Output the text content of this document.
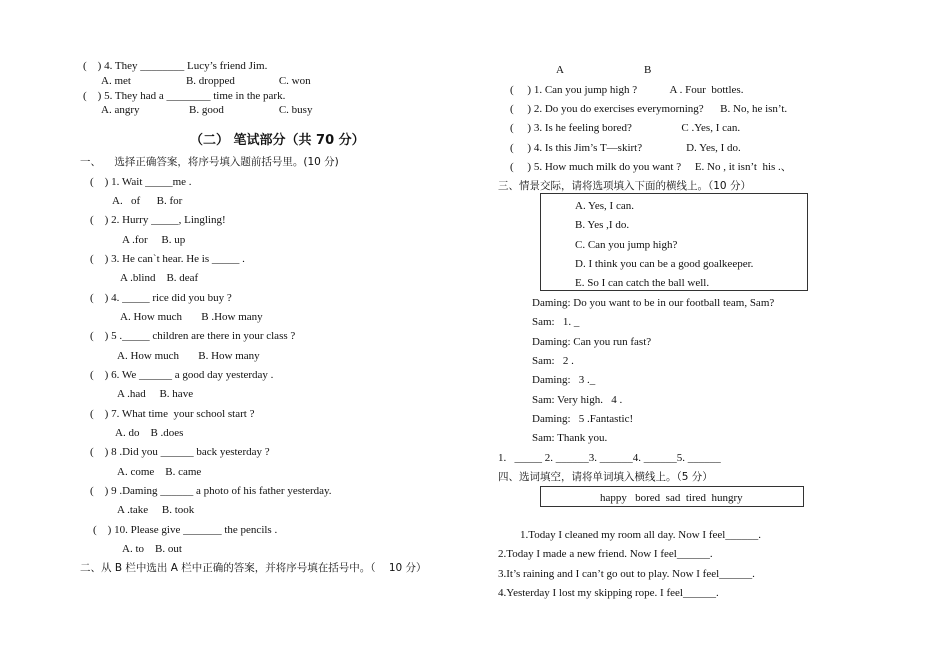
(    ) 4. They ________ Lucy’s friend Jim.
A. met                    B. dropped                C. won
(    ) 5. They had a ________ time in the park.
A. angry                  B. good                    C. busy
（二） 笔试部分（共 70 分）
一、    选择正确答案，将序号填入题前括号里。(10 分)
(    ) 1. Wait _____me .
A.   of      B. for
(    ) 2. Hurry _____, Lingling!
A .for     B. up
(    ) 3. He can`t hear. He is _____ .
A .blind    B. deaf
(    ) 4. _____ rice did you buy ?
A. How much       B .How many
(    ) 5 ._____ children are there in your class ?
A. How much       B. How many
(    ) 6. We ______ a good day yesterday .
A .had     B. have
(    ) 7. What time  your school start ?
A. do    B .does
(    ) 8 .Did you ______ back yesterday ?
A. come    B. came
(    ) 9 .Daming ______ a photo of his father yesterday.
A .take     B. took
(    ) 10. Please give _______ the pencils .
A. to    B. out
二、从 B 栏中选出 A 栏中正确的答案，并将序号填在括号中。（    10 分）
A	B
(     ) 1. Can you jump high ?            A . Four  bottles.
(     ) 2. Do you do exercises everymorning?      B. No, he isn’t.
(     ) 3. Is he feeling bored?                  C .Yes, I can.
(     ) 4. Is this Jim’s T—skirt?                D. Yes, I do.
(     ) 5. How much milk do you want ?     E. No , it isn’t  his .、
三、情景交际，请将选项填入下面的横线上。（10 分）
A. Yes, I can.
B. Yes ,I do.
C. Can you jump high?
D. I think you can be a good goalkeeper.
E. So I can catch the ball well.
Daming: Do you want to be in our football team, Sam?
Sam:   1. _
Daming: Can you run fast?
Sam:   2 .
Daming:   3 ._
Sam: Very high.   4 .
Daming:   5 .Fantastic!
Sam: Thank you.
1.   _____ 2. ______3. ______4. ______5. ______
四、选词填空，请将单词填入横线上。（5 分）
happy   bored  sad  tired  hungry
1.Today I cleaned my room all day. Now I feel______.
2.Today I made a new friend. Now I feel______.
3.It’s raining and I can’t go out to play. Now I feel______.
4.Yesterday I lost my skipping rope. I feel______.
